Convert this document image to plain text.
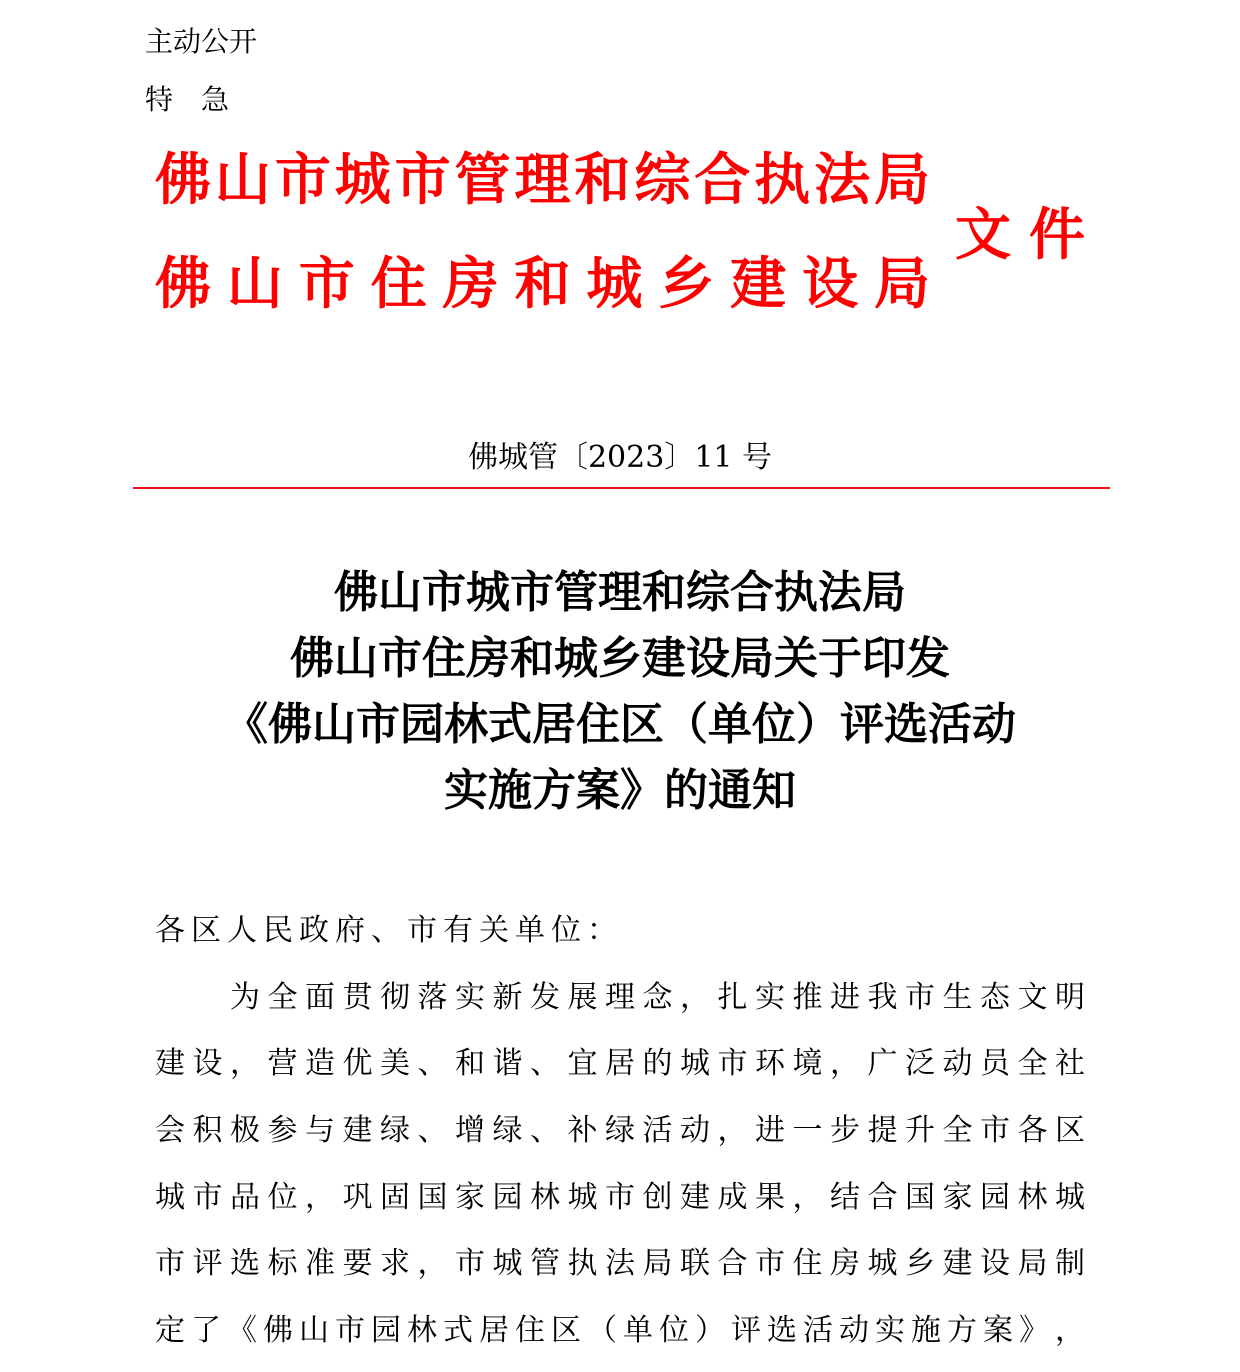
主动公开
特　急
佛​山​市​城​市​管​理​和​综​合​执​法​局
佛​山​市​住​房​和​城​乡​建​设​局
文​件
佛城管〔2023〕11 号
佛山市城市管理和综合执法局
佛山市住房和城乡建设局关于印发
《佛山市园林式居住区（单位）评选活动
实施方案》的通知
各区人民政府、市有关单位：
为​全​面​贯​彻​落​实​新​发​展​理​念​，​扎​实​推​进​我​市​生​态​文​明
建​设​，​营​造​优​美​、​和​谐​、​宜​居​的​城​市​环​境​，​广​泛​动​员​全​社
会​积​极​参​与​建​绿​、​增​绿​、​补​绿​活​动​，​进​一​步​提​升​全​市​各​区
城​市​品​位​，​巩​固​国​家​园​林​城​市​创​建​成​果​，​结​合​国​家​园​林​城
市​评​选​标​准​要​求​，​市​城​管​执​法​局​联​合​市​住​房​城​乡​建​设​局​制
定​了​《​佛​山​市​园​林​式​居​住​区​（​单​位​）​评​选​活​动​实​施​方​案​》​，
